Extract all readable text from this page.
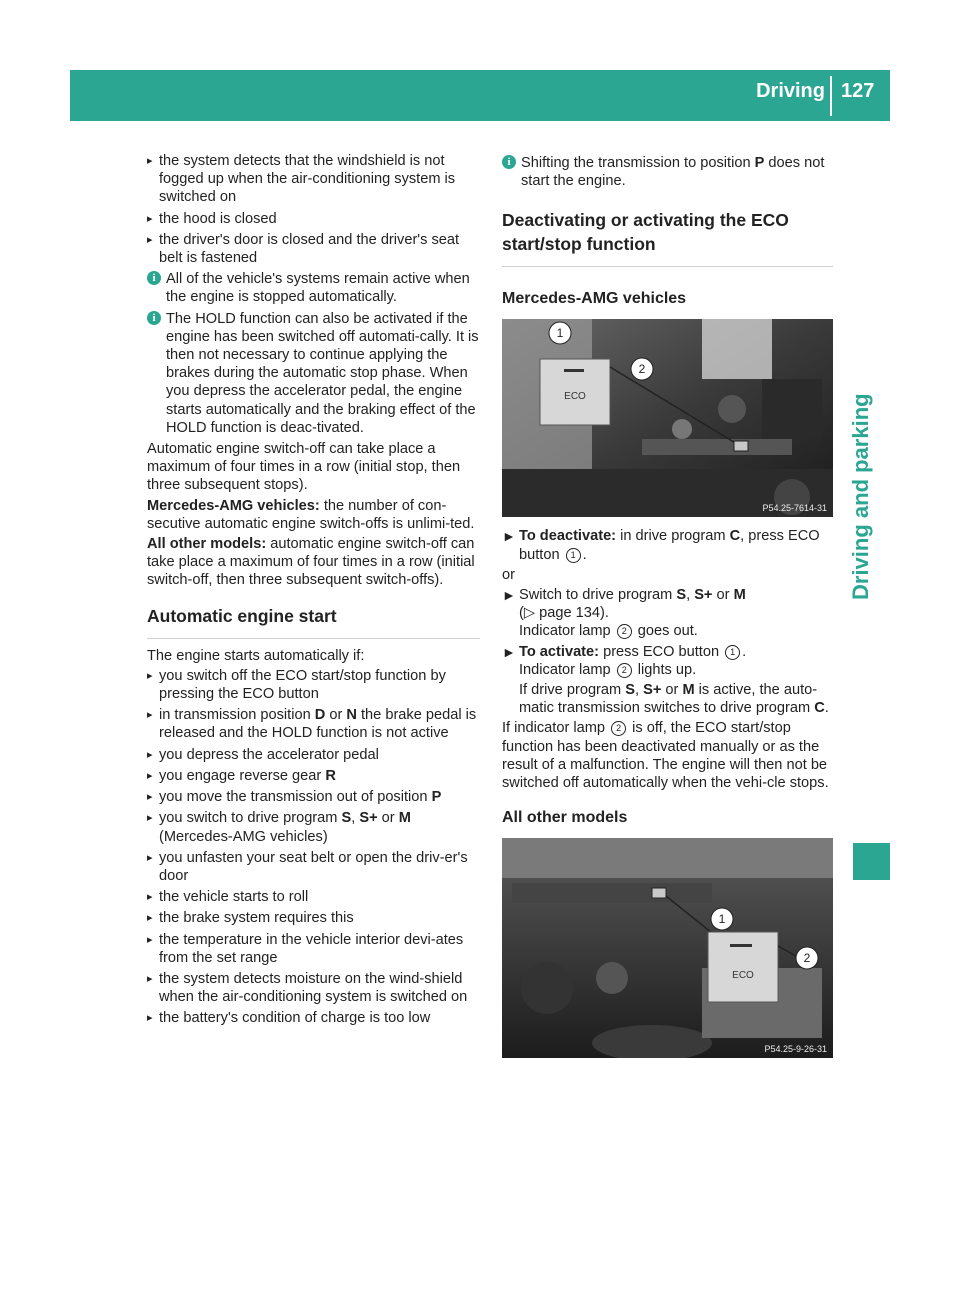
Driving 127
Driving and parking

▸ the system detects that the windshield is not fogged up when the air-conditioning system is switched on

▸ the hood is closed

▸ the driver's door is closed and the driver's seat belt is fastened

i All of the vehicle's systems remain active when the engine is stopped automatically.
i The HOLD function can also be activated if the engine has been switched off automati-cally. It is then not necessary to continue applying the brakes during the automatic stop phase. When you depress the accelerator pedal, the engine starts automatically and the braking effect of the HOLD function is deac-tivated.

Automatic engine switch-off can take place a maximum of four times in a row (initial stop, then three subsequent stops).

Mercedes-AMG vehicles: the number of con-secutive automatic engine switch-offs is unlimi-ted.

All other models: automatic engine switch-off can take place a maximum of four times in a row (initial switch-off, then three subsequent switch-offs).

Automatic engine start

The engine starts automatically if:

▸ you switch off the ECO start/stop function by pressing the ECO button

▸ in transmission position D or N the brake pedal is released and the HOLD function is not active

▸ you depress the accelerator pedal

▸ you engage reverse gear R

▸ you move the transmission out of position P

▸ you switch to drive program S, S+ or M (Mercedes-AMG vehicles)

▸ you unfasten your seat belt or open the driv-er's door

▸ the vehicle starts to roll

▸ the brake system requires this

▸ the temperature in the vehicle interior devi-ates from the set range

▸ the system detects moisture on the wind-shield when the air-conditioning system is switched on

▸ the battery's condition of charge is too low

i Shifting the transmission to position P does not start the engine.
Deactivating or activating the ECO start/stop function
Mercedes-AMG vehicles
ECO
1
2
P54.25-7614-31
► To deactivate: in drive program C, press ECO button 1 .

or

► Switch to drive program S, S+ or M
(▷ page 134).
Indicator lamp 2 goes out.
► To activate: press ECO button 1 .
Indicator lamp 2 lights up.

If drive program S, S+ or M is active, the auto-matic transmission switches to drive program C.

If indicator lamp 2 is off, the ECO start/stop function has been deactivated manually or as the result of a malfunction. The engine will then not be switched off automatically when the vehi-cle stops.

All other models
ECO
1
2
P54.25-9-26-31
